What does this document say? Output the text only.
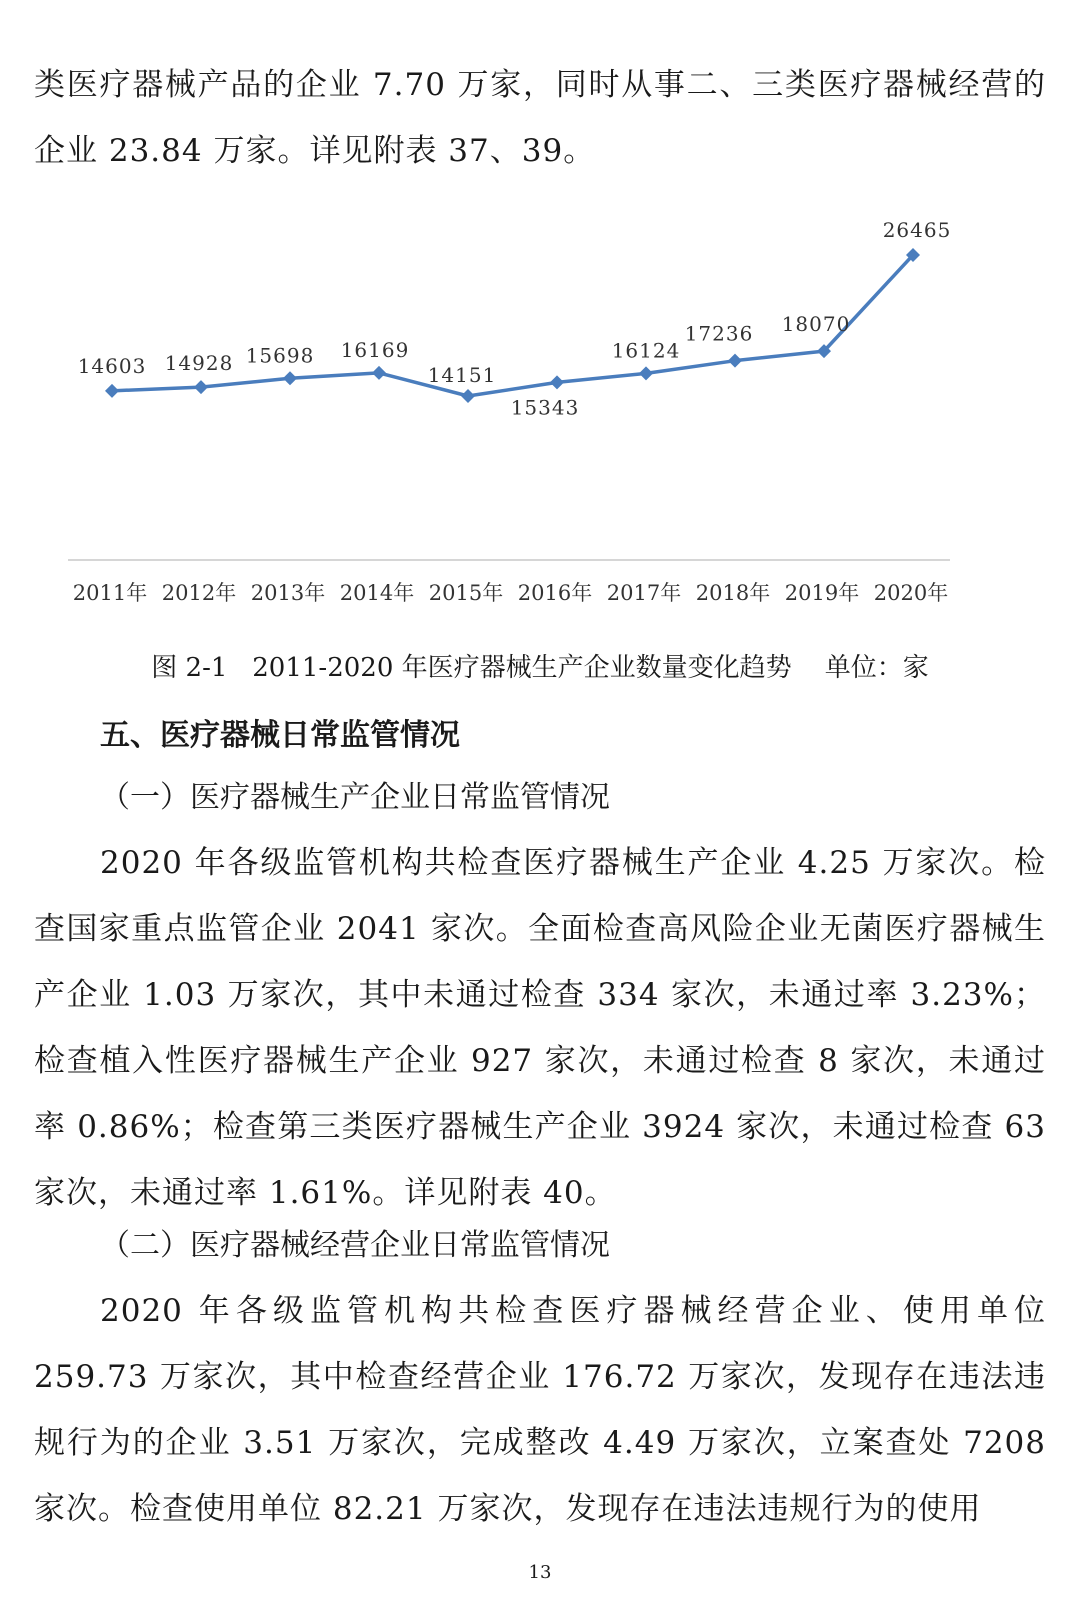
类医疗器械产品的企业 7.70 万家，同时从事二、三类医疗器械经营的企业 23.84 万家。详见附表 37、39。

14603 14928 15698 16169
14151
15343
16124
17236 18070
26465
2011年 2012年 2013年 2014年 2015年 2016年 2017年 2018年 2019年 2020年

图 2-1 2011-2020 年医疗器械生产企业数量变化趋势 单位：家

五、医疗器械日常监管情况

（一）医疗器械生产企业日常监管情况

2020 年各级监管机构共检查医疗器械生产企业 4.25 万家次。检查国家重点监管企业 2041 家次。全面检查高风险企业无菌医疗器械生产企业 1.03 万家次，其中未通过检查 334 家次，未通过率 3.23%；检查植入性医疗器械生产企业 927 家次，未通过检查 8 家次，未通过率 0.86%；检查第三类医疗器械生产企业 3924 家次，未通过检查 63 家次，未通过率 1.61%。详见附表 40。

（二）医疗器械经营企业日常监管情况

2020 年各级监管机构共检查医疗器械经营企业、使用单位 259.73 万家次，其中检查经营企业 176.72 万家次，发现存在违法违规行为的企业 3.51 万家次，完成整改 4.49 万家次，立案查处 7208 家次。检查使用单位 82.21 万家次，发现存在违法违规行为的使用

13
